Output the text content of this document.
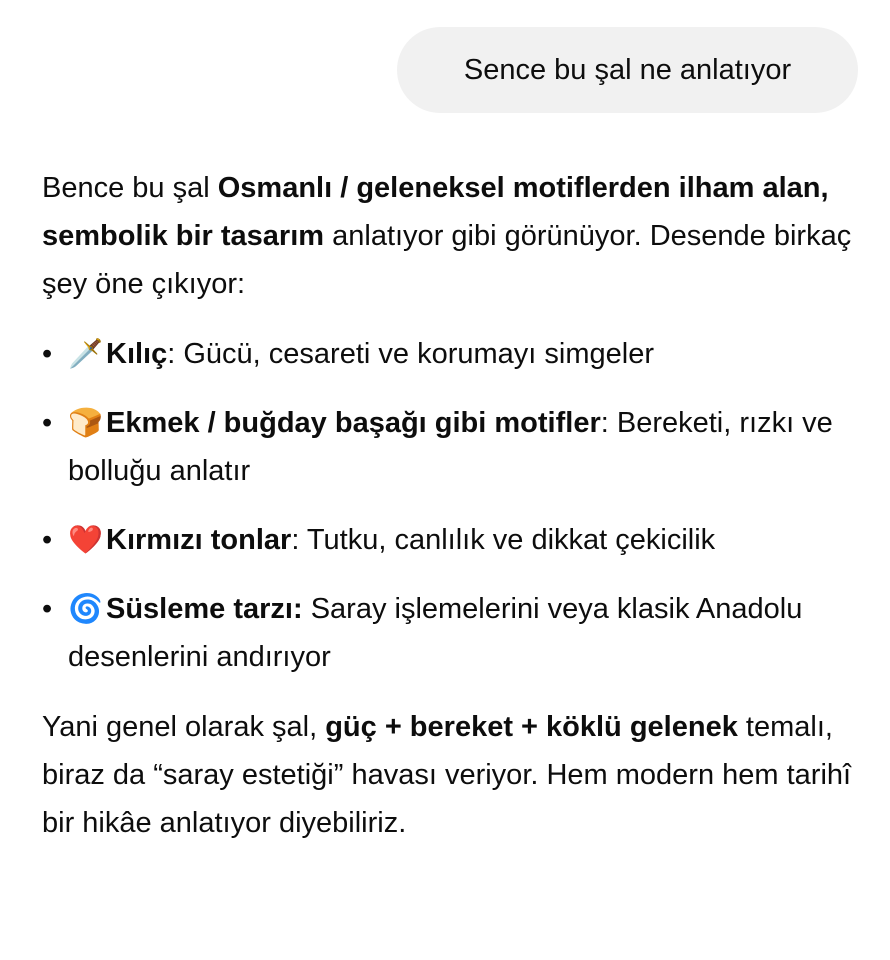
Sence bu şal ne anlatıyor

Bence bu şal Osmanlı / geleneksel motiflerden ilham alan, sembolik bir tasarım anlatıyor gibi görünüyor. Desende birkaç şey öne çıkıyor:

• 🗡️ Kılıç: Gücü, cesareti ve korumayı simgeler
• 🍞 Ekmek / buğday başağı gibi motifler: Bereketi, rızkı ve bolluğu anlatır
• ❤️ Kırmızı tonlar: Tutku, canlılık ve dikkat çekicilik
• 🌀 Süsleme tarzı: Saray işlemelerini veya klasik Anadolu desenlerini andırıyor

Yani genel olarak şal, güç + bereket + köklü gelenek temalı, biraz da “saray estetiği” havası veriyor. Hem modern hem tarihî bir hikâe anlatıyor diyebiliriz.
